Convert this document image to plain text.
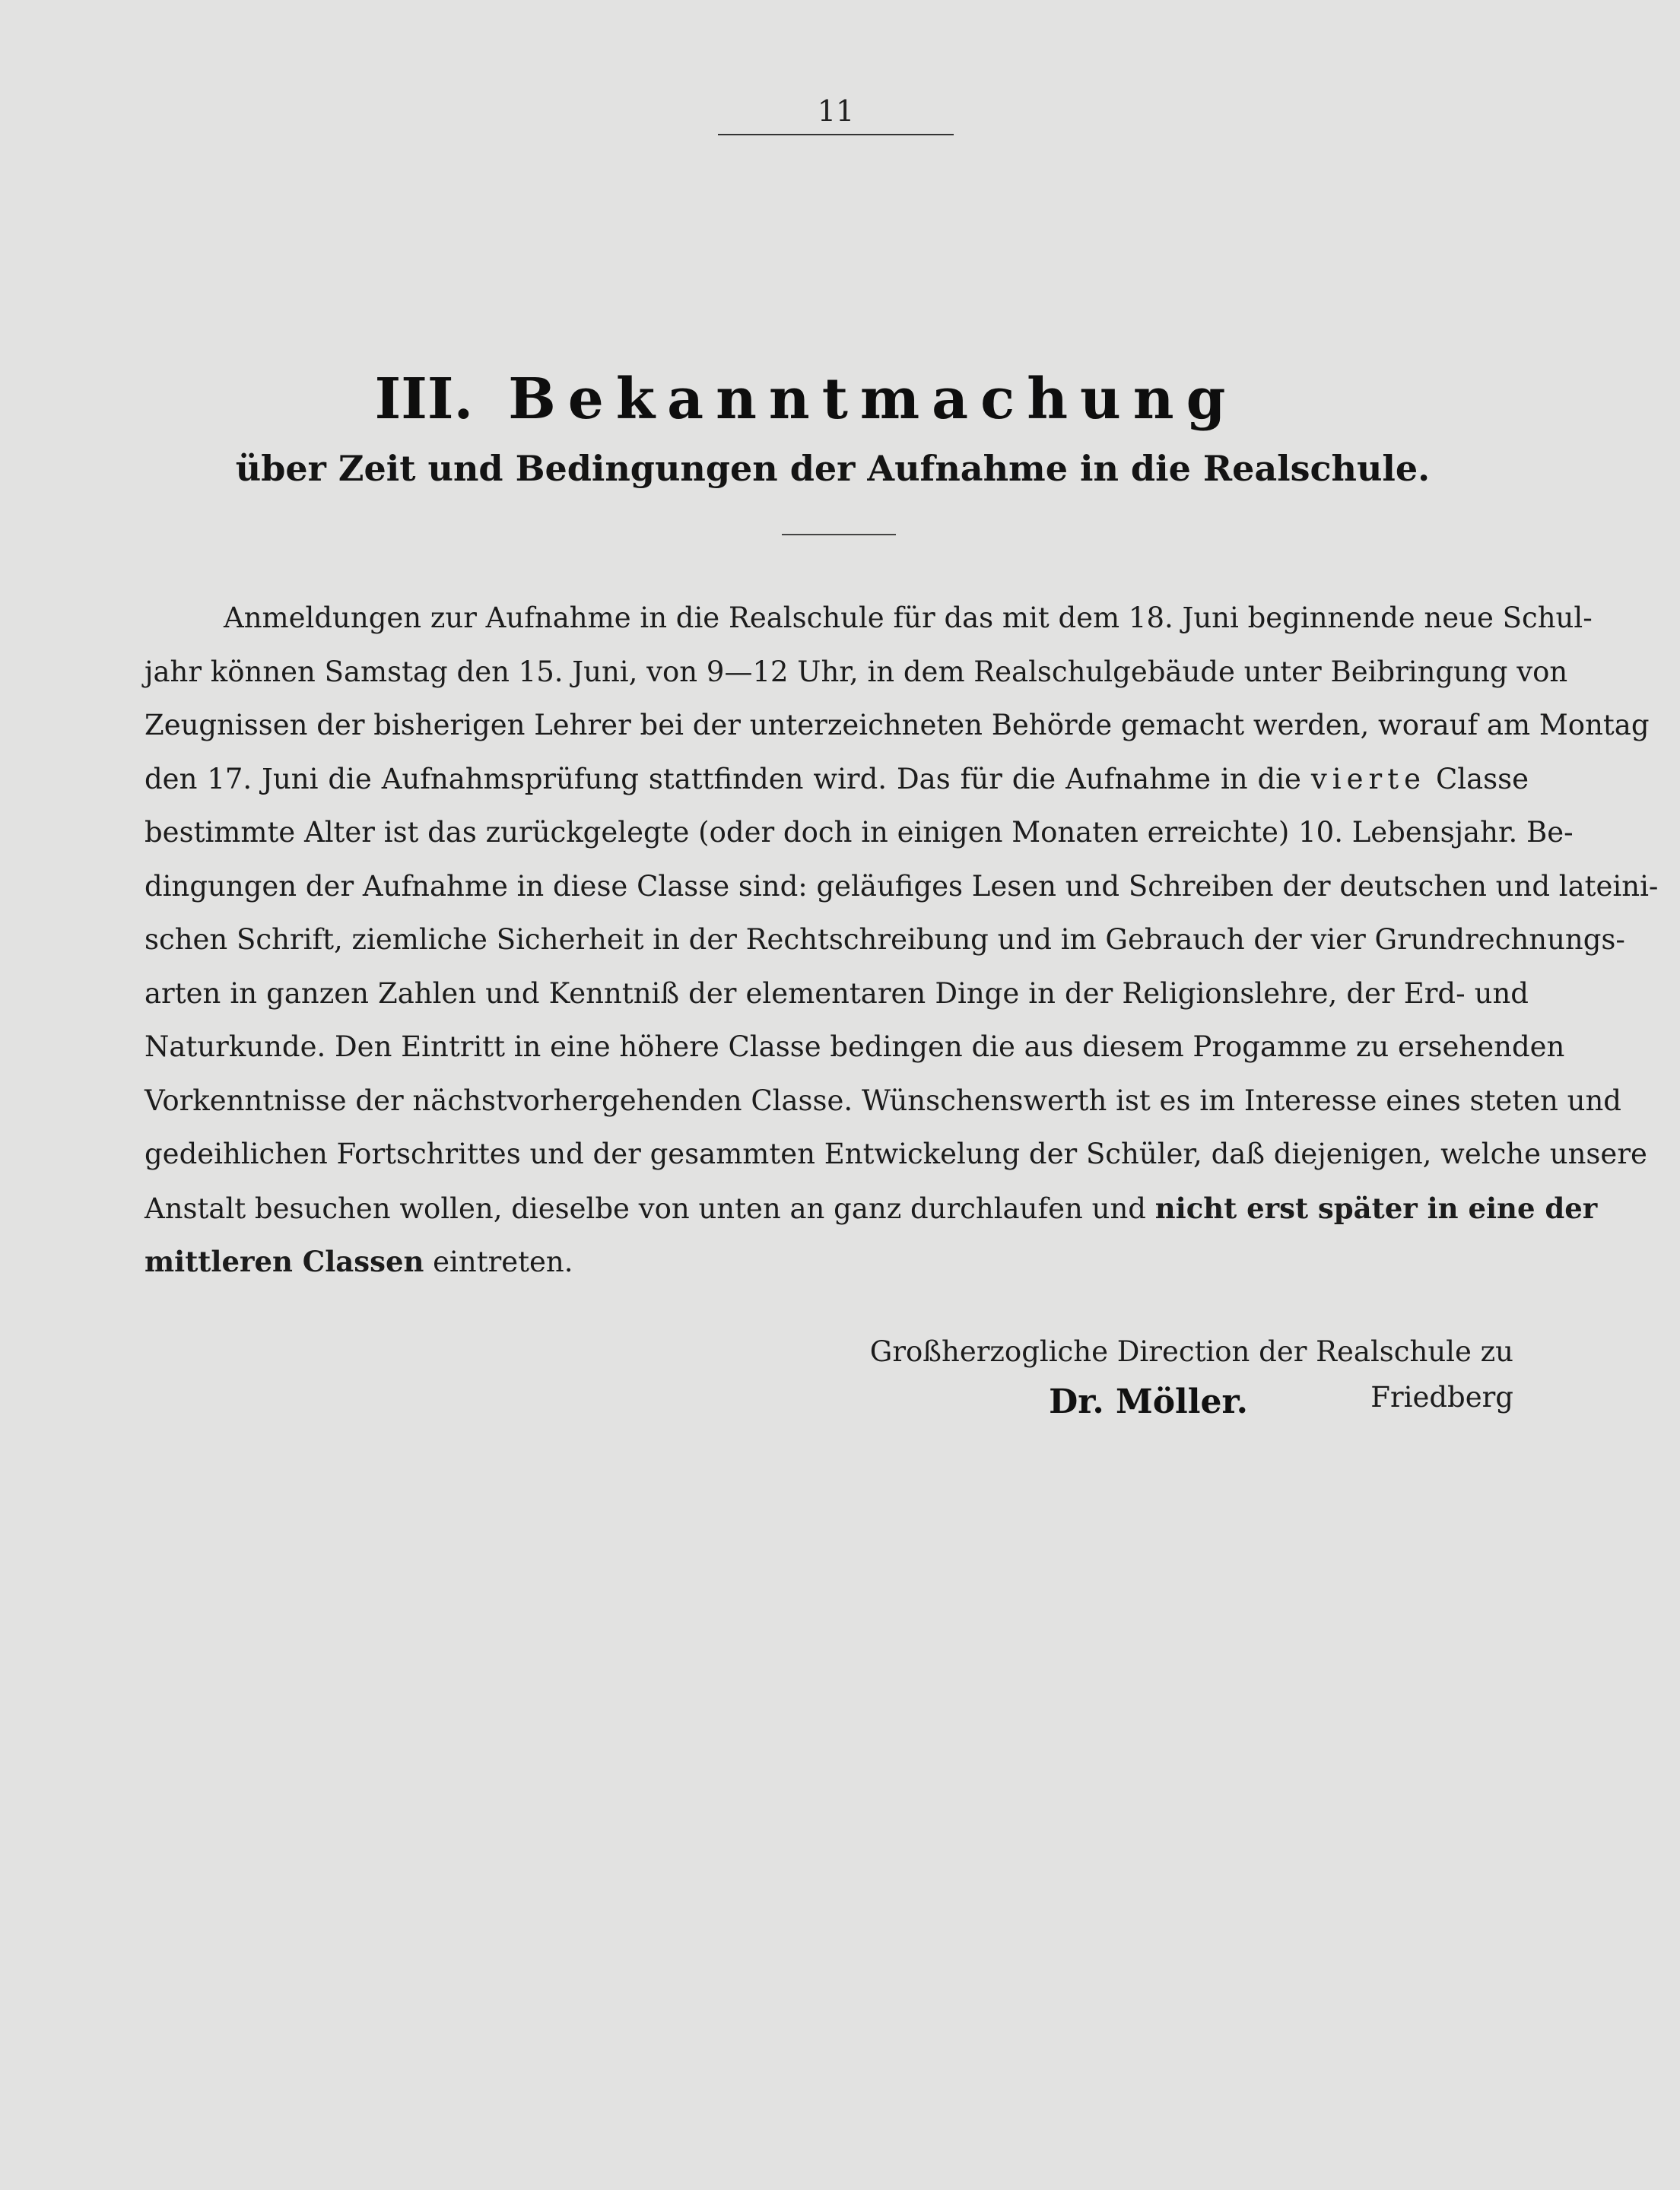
11
III. Bekanntmachung
über Zeit und Bedingungen der Aufnahme in die Realschule.
Anmeldungen zur Aufnahme in die Realschule für das mit dem 18. Juni beginnende neue Schul-
jahr können Samstag den 15. Juni, von 9—12 Uhr, in dem Realschulgebäude unter Beibringung von
Zeugnissen der bisherigen Lehrer bei der unterzeichneten Behörde gemacht werden, worauf am Montag
den 17. Juni die Aufnahmsprüfung stattfinden wird. Das für die Aufnahme in die vierte Classe
bestimmte Alter ist das zurückgelegte (oder doch in einigen Monaten erreichte) 10. Lebensjahr. Be-
dingungen der Aufnahme in diese Classe sind: geläufiges Lesen und Schreiben der deutschen und lateini-
schen Schrift, ziemliche Sicherheit in der Rechtschreibung und im Gebrauch der vier Grundrechnungs-
arten in ganzen Zahlen und Kenntniß der elementaren Dinge in der Religionslehre, der Erd- und
Naturkunde. Den Eintritt in eine höhere Classe bedingen die aus diesem Progamme zu ersehenden
Vorkenntnisse der nächstvorhergehenden Classe. Wünschenswerth ist es im Interesse eines steten und
gedeihlichen Fortschrittes und der gesammten Entwickelung der Schüler, daß diejenigen, welche unsere
Anstalt besuchen wollen, dieselbe von unten an ganz durchlaufen und nicht erst später in eine der
mittleren Classen eintreten.
Großherzogliche Direction der Realschule zu Friedberg
Dr. Möller.
